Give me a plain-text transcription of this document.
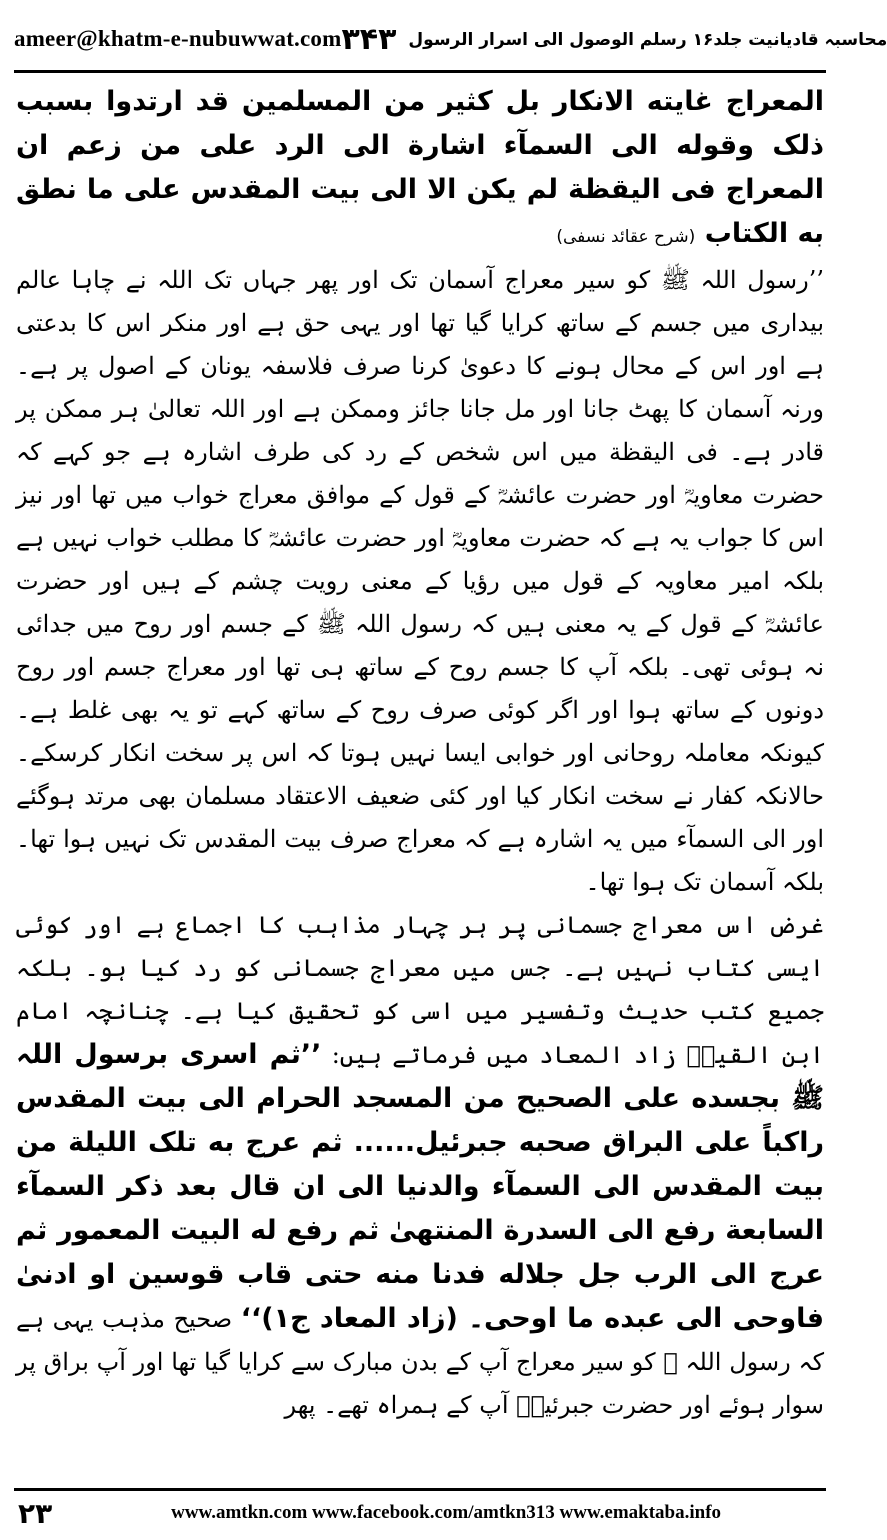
ameer@khatm-e-nubuwwat.com	محاسبہ قادیانیت جلد۱۶ رسلم الوصول الی اسرار الرسول
۳۴۳

المعراج غایته الانکار بل کثیر من المسلمین قد ارتدوا بسبب ذلک وقوله الی السمآء اشارة الی الرد علی من زعم ان المعراج فی الیقظة لم یکن الا الی بیت المقدس علی ما نطق به الکتاب (شرح عقائد نسفی)

’’رسول اللہ ﷺ کو سیر معراج آسمان تک اور پھر جہاں تک اللہ نے چاہا عالم بیداری میں جسم کے ساتھ کرایا گیا تھا اور یہی حق ہے اور منکر اس کا بدعتی ہے اور اس کے محال ہونے کا دعویٰ کرنا صرف فلاسفہ یونان کے اصول پر ہے۔ ورنہ آسمان کا پھٹ جانا اور مل جانا جائز وممکن ہے اور اللہ تعالیٰ ہر ممکن پر قادر ہے۔ فی الیقظة میں اس شخص کے رد کی طرف اشارہ ہے جو کہے کہ حضرت معاویہؓ اور حضرت عائشہؓ کے قول کے موافق معراج خواب میں تھا اور نیز اس کا جواب یہ ہے کہ حضرت معاویہؓ اور حضرت عائشہؓ کا مطلب خواب نہیں ہے بلکہ امیر معاویہ کے قول میں رؤیا کے معنی رویت چشم کے ہیں اور حضرت عائشہؓ کے قول کے یہ معنی ہیں کہ رسول اللہ ﷺ کے جسم اور روح میں جدائی نہ ہوئی تھی۔ بلکہ آپ کا جسم روح کے ساتھ ہی تھا اور معراج جسم اور روح دونوں کے ساتھ ہوا اور اگر کوئی صرف روح کے ساتھ کہے تو یہ بھی غلط ہے۔ کیونکہ معاملہ روحانی اور خوابی ایسا نہیں ہوتا کہ اس پر سخت انکار کرسکے۔ حالانکہ کفار نے سخت انکار کیا اور کئی ضعیف الاعتقاد مسلمان بھی مرتد ہوگئے اور الی السمآء میں یہ اشارہ ہے کہ معراج صرف بیت المقدس تک نہیں ہوا تھا۔ بلکہ آسمان تک ہوا تھا۔

غرض اس معراج جسمانی پر ہر چہار مذاہب کا اجماع ہے اور کوئی ایسی کتاب نہیں ہے۔ جس میں معراج جسمانی کو رد کیا ہو۔ بلکہ جمیع کتب حدیث وتفسیر میں اسی کو تحقیق کیا ہے۔ چنانچہ امام ابن القیمؒ زاد المعاد میں فرماتے ہیں: ’’ثم اسری برسول اللہ ﷺ بجسده علی الصحیح من المسجد الحرام الی بیت المقدس راکباً علی البراق صحبه جبرئیل...... ثم عرج به تلک اللیلة من بیت المقدس الی السمآء والدنیا الی ان قال بعد ذکر السمآء السابعة رفع الی السدرة المنتهیٰ ثم رفع له البیت المعمور ثم عرج الی الرب جل جلاله فدنا منه حتی قاب قوسین او ادنیٰ فاوحی الی عبده ما اوحی۔ (زاد المعاد ج۱)‘‘ صحیح مذہب یہی ہے کہ رسول اللہ ﷺ کو سیر معراج آپ کے بدن مبارک سے کرایا گیا تھا اور آپ براق پر سوار ہوئے اور حضرت جبرئیلؑ آپ کے ہمراہ تھے۔ پھر

۲۳	www.amtkn.com www.facebook.com/amtkn313 www.emaktaba.info
